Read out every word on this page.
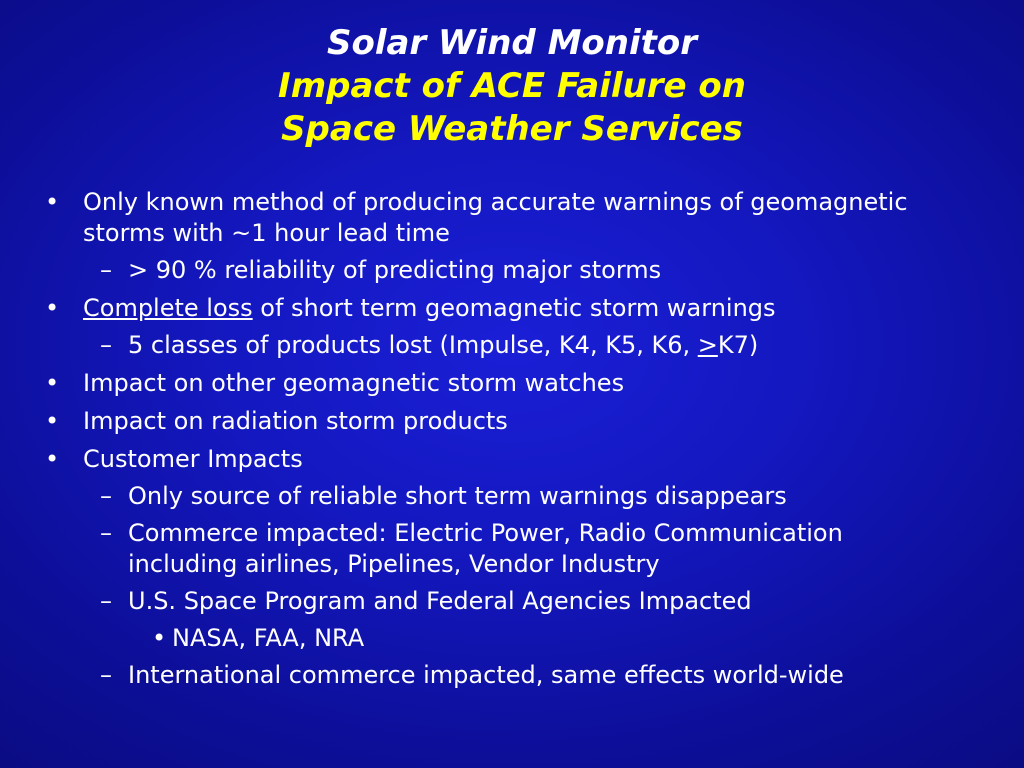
Solar Wind Monitor
Impact of ACE Failure on
Space Weather Services
• Only known method of producing accurate warnings of geomagnetic storms with ~1 hour lead time
– > 90 % reliability of predicting major storms
• Complete loss of short term geomagnetic storm warnings
– 5 classes of products lost (Impulse, K4, K5, K6, >K7)
• Impact on other geomagnetic storm watches
• Impact on radiation storm products
• Customer Impacts
– Only source of reliable short term warnings disappears
– Commerce impacted: Electric Power, Radio Communication including airlines, Pipelines, Vendor Industry
– U.S. Space Program and Federal Agencies Impacted
• NASA, FAA, NRA
– International commerce impacted, same effects world-wide
